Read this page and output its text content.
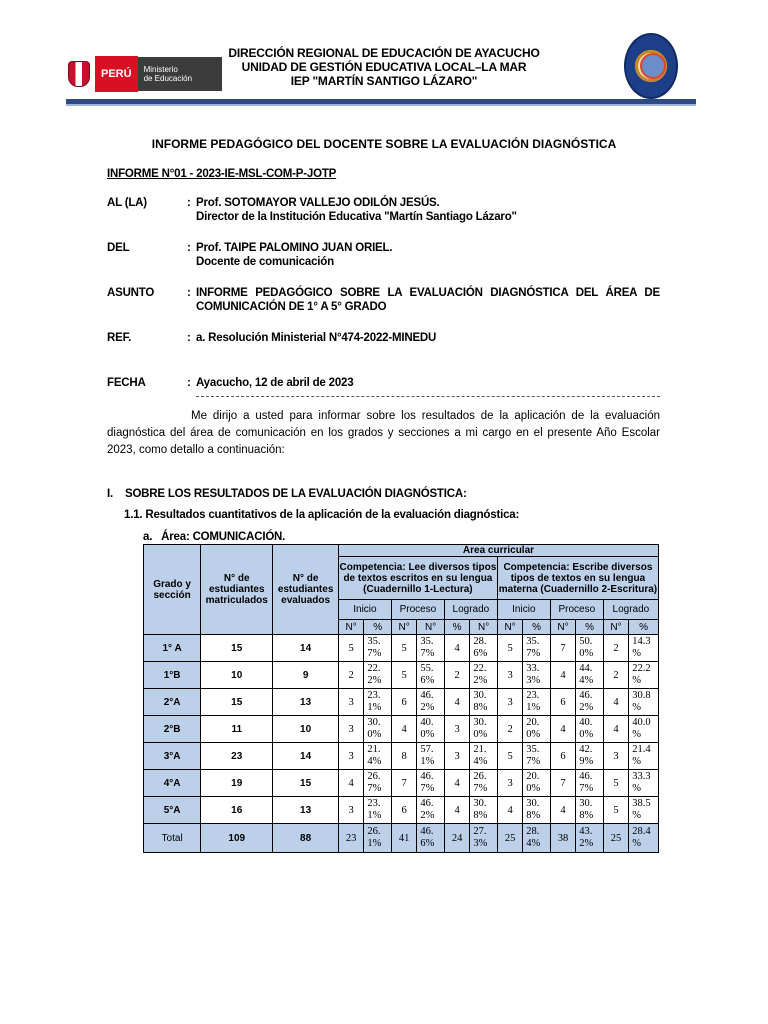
PERÚ	Ministerio
de Educación
DIRECCIÓN REGIONAL DE EDUCACIÓN DE AYACUCHO
UNIDAD DE GESTIÓN EDUCATIVA LOCAL–LA MAR
IEP "MARTÍN SANTIGO LÁZARO"
INFORME PEDAGÓGICO DEL DOCENTE SOBRE LA EVALUACIÓN DIAGNÓSTICA
INFORME N°01 - 2023-IE-MSL-COM-P-JOTP
AL (LA)	: Prof. SOTOMAYOR VALLEJO ODILÓN JESÚS.
Director de la Institución Educativa "Martín Santiago Lázaro"
DEL	: Prof. TAIPE PALOMINO JUAN ORIEL.
Docente de comunicación
ASUNTO	: INFORME PEDAGÓGICO SOBRE LA EVALUACIÓN DIAGNÓSTICA DEL ÁREA DE
COMUNICACIÓN DE 1° A 5° GRADO
REF.	: a. Resolución Ministerial N°474-2022-MINEDU
FECHA	: Ayacucho, 12 de abril de 2023
Me dirijo a usted para informar sobre los resultados de la aplicación de la evaluación diagnóstica del área de comunicación en los grados y secciones a mi cargo en el presente Año Escolar 2023, como detallo a continuación:
I.    SOBRE LOS RESULTADOS DE LA EVALUACIÓN DIAGNÓSTICA:
1.1. Resultados cuantitativos de la aplicación de la evaluación diagnóstica:
a.   Área: COMUNICACIÓN.
Grado y sección	N° de estudiantes matriculados	N° de estudiantes evaluados	Área curricular											
			Competencia: Lee diversos tipos de textos escritos en su lengua (Cuadernillo 1-Lectura)						Competencia: Escribe diversos tipos de textos en su lengua materna (Cuadernillo 2-Escritura)					
			Inicio		Proceso		Logrado		Inicio		Proceso		Logrado	
			N°	%	N°	N°	%	N°	N°	%	N°	%	N°	%
1° A	15	14	5	35.7%	5	35.7%	4	28.6%	5	35.7%	7	50.0%	2	14.3 %
1°B	10	9	2	22.2%	5	55.6%	2	22.2%	3	33.3%	4	44.4%	2	22.2 %
2°A	15	13	3	23.1%	6	46.2%	4	30.8%	3	23.1%	6	46.2%	4	30.8 %
2°B	11	10	3	30.0%	4	40.0%	3	30.0%	2	20.0%	4	40.0%	4	40.0 %
3°A	23	14	3	21.4%	8	57.1%	3	21.4%	5	35.7%	6	42.9%	3	21.4 %
4°A	19	15	4	26.7%	7	46.7%	4	26.7%	3	20.0%	7	46.7%	5	33.3 %
5°A	16	13	3	23.1%	6	46.2%	4	30.8%	4	30.8%	4	30.8%	5	38.5 %
Total	109	88	23	26.1%	41	46.6%	24	27.3%	25	28.4%	38	43.2%	25	28.4 %
